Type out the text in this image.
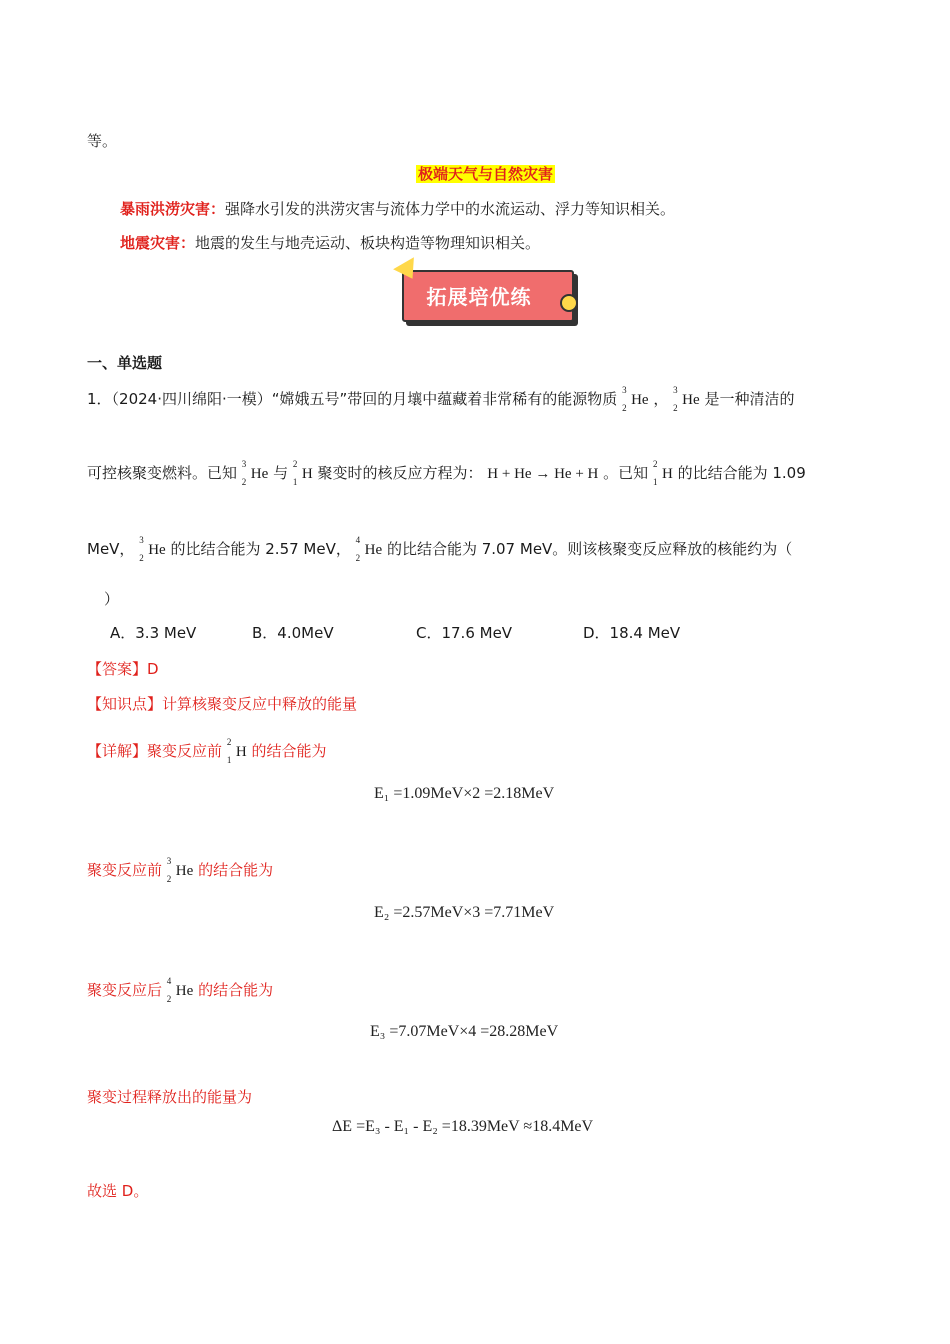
等。
极端天气与自然灾害
暴雨洪涝灾害：强降水引发的洪涝灾害与流体力学中的水流运动、浮力等知识相关。
地震灾害：地震的发生与地壳运动、板块构造等物理知识相关。
拓展培优练
一、单选题
1．（2024·四川绵阳·一模）“嫦娥五号”带回的月壤中蕴藏着非常稀有的能源物质 3
2 He ， 3
2 He 是一种清洁的
可控核聚变燃料。已知 3
2 He 与 2
1 H 聚变时的核反应方程为： H + He → He + H 。已知 2
1 H 的比结合能为 1.09
MeV， 3
2 He 的比结合能为 2.57 MeV， 4
2 He 的比结合能为 7.07 MeV。则该核聚变反应释放的核能约为（
）
A．3.3 MeV	B．4.0MeV	C．17.6 MeV	D．18.4 MeV
【答案】D
【知识点】计算核聚变反应中释放的能量
【详解】聚变反应前 2
1 H 的结合能为
E₁ =1.09MeV×2 =2.18MeV
聚变反应前 3
2 He 的结合能为
E₂ =2.57MeV×3 =7.71MeV
聚变反应后 4
2 He 的结合能为
E₃ =7.07MeV×4 =28.28MeV
聚变过程释放出的能量为
ΔE =E₃ - E₁ - E₂ =18.39MeV ≈18.4MeV
故选 D。
